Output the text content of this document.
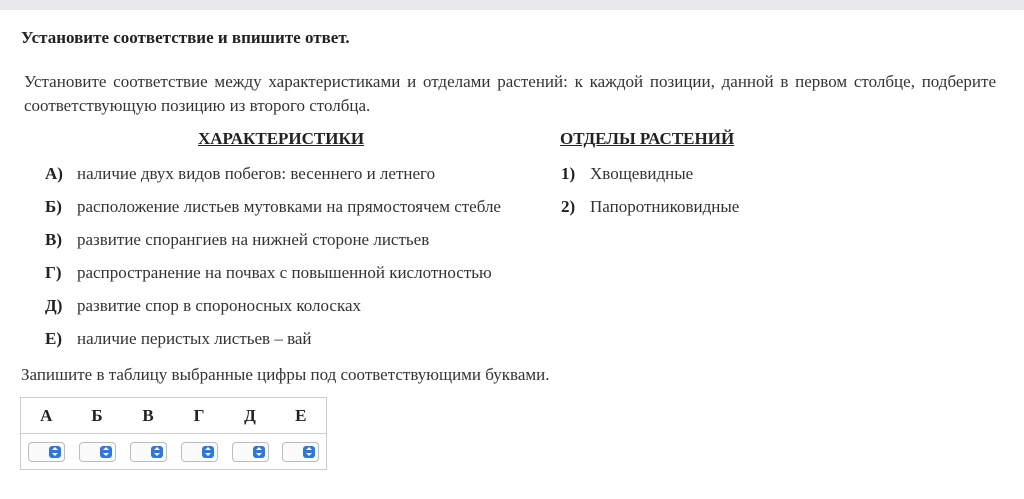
Установите соответствие и впишите ответ.
Установите соответствие между характеристиками и отделами растений: к каждой позиции, данной в первом столбце, подберите соответствующую позицию из второго столбца.
ХАРАКТЕРИСТИКИ	ОТДЕЛЫ РАСТЕНИЙ
А) наличие двух видов побегов: весеннего и летнего
Б) расположение листьев мутовками на прямостоячем стебле
В) развитие спорангиев на нижней стороне листьев
Г) распространение на почвах с повышенной кислотностью
Д) развитие спор в спороносных колосках
Е) наличие перистых листьев – вай
1) Хвощевидные
2) Папоротниковидные
Запишите в таблицу выбранные цифры под соответствующими буквами.
А	Б	В	Г	Д	Е
